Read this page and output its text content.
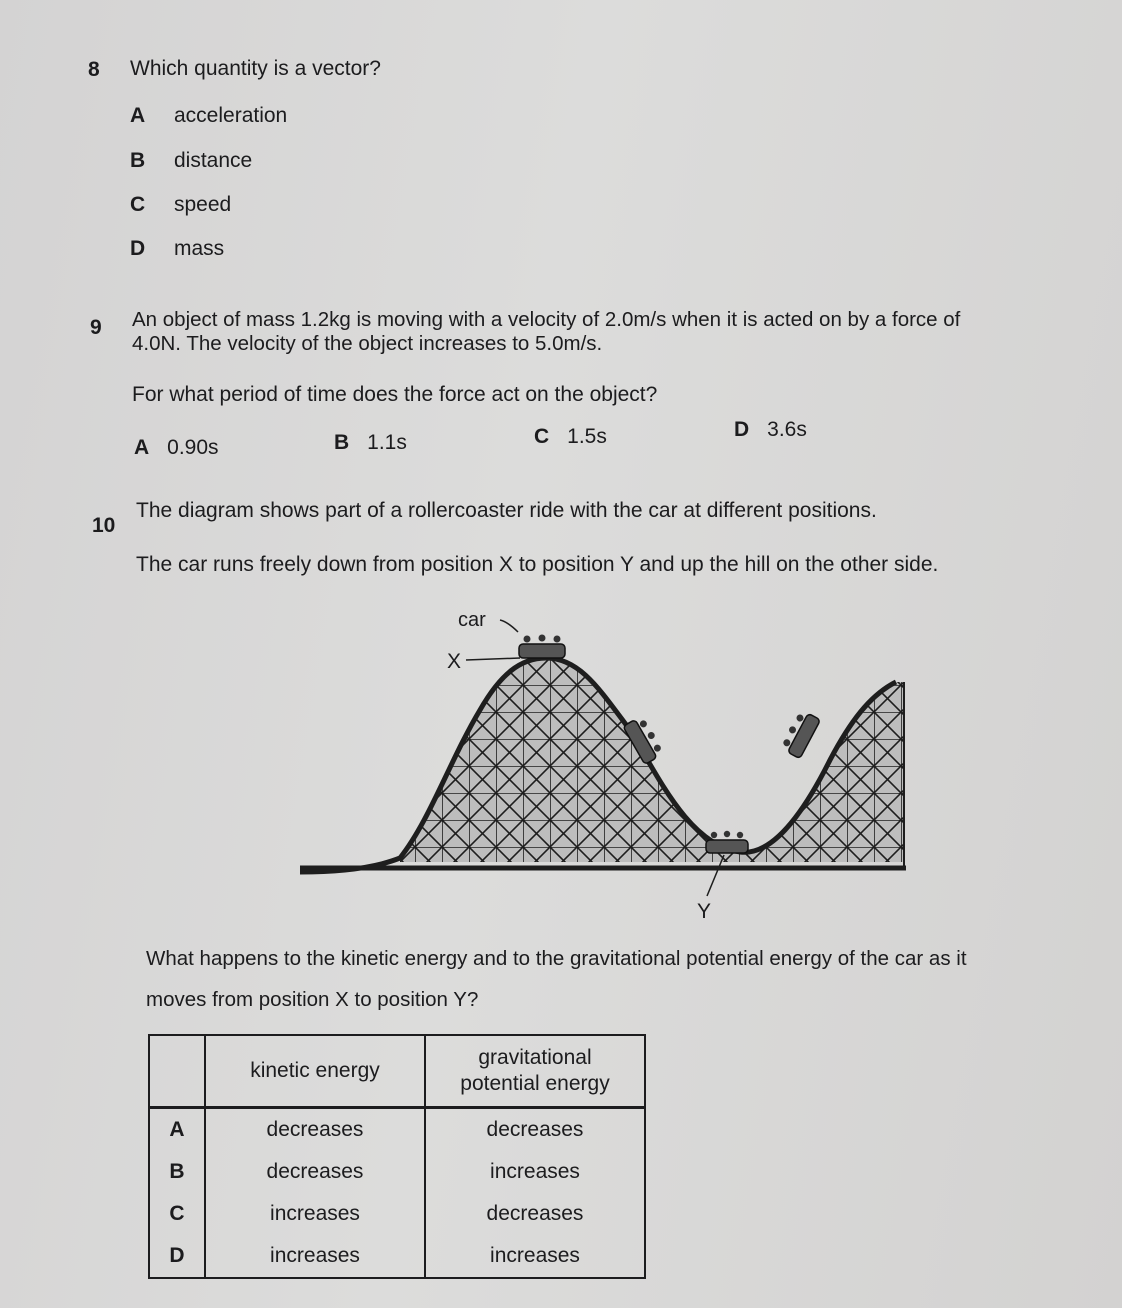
8 Which quantity is a vector?
A acceleration
B distance
C speed
D mass
9 An object of mass 1.2kg is moving with a velocity of 2.0m/s when it is acted on by a force of
4.0N. The velocity of the object increases to 5.0m/s.
For what period of time does the force act on the object?
A 0.90s	B 1.1s	C 1.5s	D 3.6s
10
The diagram shows part of a rollercoaster ride with the car at different positions.
The car runs freely down from position X to position Y and up the hill on the other side.
car
X
Y
What happens to the kinetic energy and to the gravitational potential energy of the car as it
moves from position X to position Y?
	kinetic energy	gravitational
potential energy
A	decreases	decreases
B	decreases	increases
C	increases	decreases
D	increases	increases
